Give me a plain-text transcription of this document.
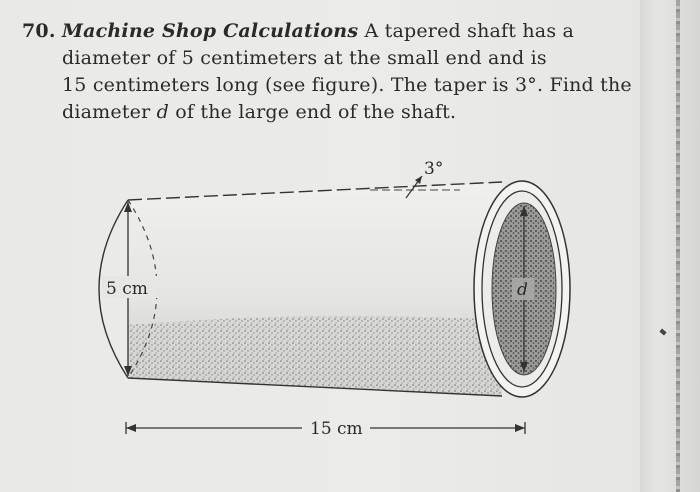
70. Machine Shop Calculations A tapered shaft has a
diameter of 5 centimeters at the small end and is
15 centimeters long (see figure). The taper is 3°. Find the
diameter d of the large end of the shaft.
5 cm	d
3°
15 cm
